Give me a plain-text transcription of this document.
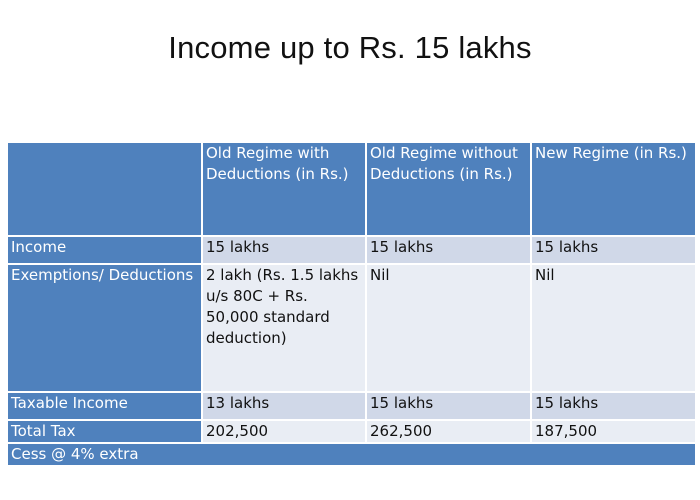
Income up to Rs. 15 lakhs
	Old Regime with Deductions (in Rs.)	Old Regime without Deductions (in Rs.)	New Regime (in Rs.)
Income	15 lakhs	15 lakhs	15 lakhs
Exemptions/ Deductions	2 lakh (Rs. 1.5 lakhs u/s 80C + Rs. 50,000 standard deduction)	Nil	Nil
Taxable Income	13 lakhs	15 lakhs	15 lakhs
Total Tax	202,500	262,500	187,500
Cess @ 4% extra			
